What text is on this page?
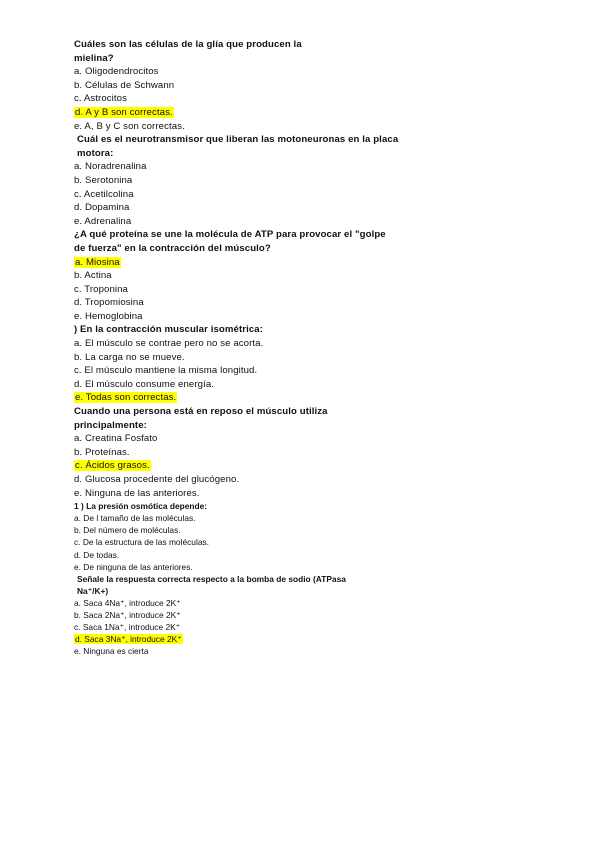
Cuáles son las células de la glía que producen la mielina?
a. Oligodendrocitos
b. Células de Schwann
c. Astrocitos
d. A y B son correctas.
e. A, B y C son correctas.
Cuál es el neurotransmisor que liberan las motoneuronas en la placa motora:
a. Noradrenalina
b. Serotonina
c. Acetilcolina
d. Dopamina
e. Adrenalina
¿A qué proteína se une la molécula de ATP para provocar el "golpe de fuerza" en la contracción del músculo?
a. Miosina
b. Actina
c. Troponina
d. Tropomiosina
e. Hemoglobina
) En la contracción muscular isométrica:
a. El músculo se contrae pero no se acorta.
b. La carga no se mueve.
c. El músculo mantiene la misma longitud.
d. El músculo consume energía.
e. Todas son correctas.
Cuando una persona está en reposo el músculo utiliza principalmente:
a. Creatina Fosfato
b. Proteínas.
c. Ácidos grasos.
d. Glucosa procedente del glucógeno.
e. Ninguna de las anteriores.
1 ) La presión osmótica depende:
a. De l tamaño de las moléculas.
b. Del número de moléculas.
c. De la estructura de las moléculas.
d. De todas.
e. De ninguna de las anteriores.
Señale la respuesta correcta respecto a la bomba de sodio (ATPasa Na⁺/K+)
a. Saca 4Na⁺, introduce 2K⁺
b. Saca 2Na⁺, introduce 2K⁺
c. Saca 1Na⁺, introduce 2K⁺
d. Saca 3Na⁺, introduce 2K⁺
e. Ninguna es cierta
